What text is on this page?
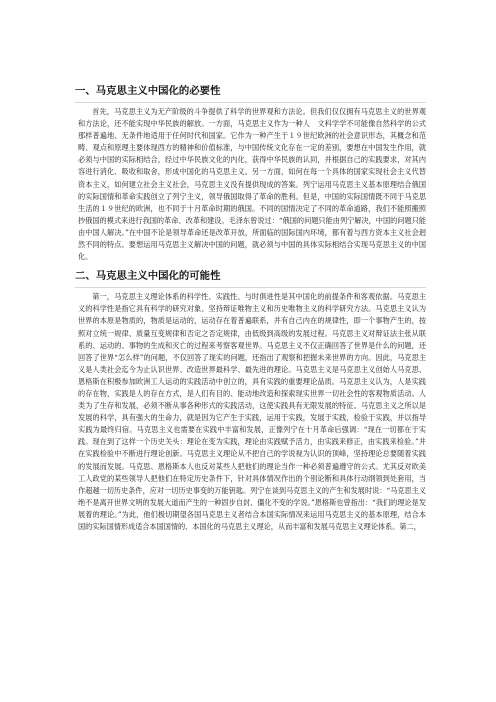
一、马克思主义中国化的必要性

首先，马克思主义为无产阶级的斗争提供了科学的世界观和方法论。但我们仅仅拥有马克思主义的世界观和方法论，还不能实现中华民族的解放。一方面，马克思主义作为一种人　文科学学不可能像自然科学的公式那样普遍地、无条件地适用于任何时代和国家。它作为一种产生于１９世纪欧洲的社会意识形态，其概念和范畴、观点和原理主要体现西方的精神和价值标准，与中国传统文化存在一定的差别，要想在中国发生作用，就必须与中国的实际相结合，经过中华民族文化的内化，获得中华民族的认同，并根据自己的实践要求，对其内容进行消化、吸收和取舍，形成中国化的马克思主义。另一方面，如何在每一个具体的国家实现社会主义代替资本主义，如何建立社会主义社会，马克思主义没有提供现成的答案。列宁运用马克思主义基本原理结合俄国的实际国情和革命实践创立了列宁主义，领导俄国取得了革命的胜利。但是，中国的实际国情既不同于马克思生活的１９世纪的欧洲，也不同于十月革命时期的俄国。不同的国情决定了不同的革命道路，我们不能照搬照抄俄国的模式来进行我国的革命、改革和建设。毛泽东曾说过：“俄国的问题只能由列宁解决，中国的问题只能由中国人解决。”在中国不论是领导革命还是改革开放，所面临的国际国内环境，都有着与西方资本主义社会迥然不同的特点。要想运用马克思主义解决中国的问题，就必须与中国的具体实际相结合实现马克思主义的中国化。

二、马克思主义中国化的可能性

第一，马克思主义理论体系的科学性、实践性、与时俱进性是其中国化的前提条件和客观依据。马克思主义的科学性是指它具有科学的研究对象、坚持辩证唯物主义和历史唯物主义的科学研究方法。马克思主义认为世界的本原是物质的，物质是运动的，运动存在着普遍联系，并有自己内在的规律性，即一个事物产生的，按照对立统一规律、质量互变规律和否定之否定规律，由低级到高级的发展过程。马克思主义对辩证法主张从联系的、运动的、事物的生成和灭亡的过程来考察客观世界。马克思主义不仅正确回答了世界是什么的问题，还回答了世界“怎么样”的问题，不仅回答了现实的问题，还指出了观察和把握未来世界的方向。因此，马克思主义是人类社会迄今为止认识世界、改造世界最科学、最先进的理论。马克思主义是马克思主义创始人马克思、恩格斯在积极参加欧洲工人运动的实践活动中创立的，具有实践的重要理论品质。马克思主义认为，人是实践的存在物，实践是人的存在方式，是人们有目的、能动地改造和探索现实世界一切社会性的客观物质活动。人类为了生存和发展，必须不断从事各种形式的实践活动，这使实践具有无限发展的特征。马克思主义之所以是发展的科学，具有强大的生命力，就是因为它产生于实践，运用于实践，发展于实践，检验于实践，并以指导实践为最终归宿。马克思主义也需要在实践中丰富和发展，正像列宁在十月革命后强调：“现在一切都在于实践。现在到了这样一个历史关头：理论在变为实践，理论由实践赋予活力，由实践来修正，由实践来检验。”并在实践检验中不断进行理论创新。马克思主义理论从不把自己的学说视为认识的顶峰，坚持理论总要随着实践的发展而发展。马克思、恩格斯本人也反对某些人把他们的理论当作一种必须普遍遵守的公式。尤其反对欧美工人政党的某些领导人把他们在特定历史条件下，针对具体情况作出的个别论断和具体行动纲领到处套用，当作超越一切历史条件，应对一切历史事变的万能钥匙。列宁在谈到马克思主义的产生和发展时说：“马克思主义绝不是离开世界文明的发展大道而产生的一种固步自封、僵化不变的学说。”恩格斯也曾指出：“我们的理论是发展着的理论。”为此，他们极切期望各国马克思主义者结合本国实际情况来运用马克思主义的基本原理，结合本国的实际国情形成适合本国国情的、本国化的马克思主义理论，从而丰富和发展马克思主义理论体系。第二，
